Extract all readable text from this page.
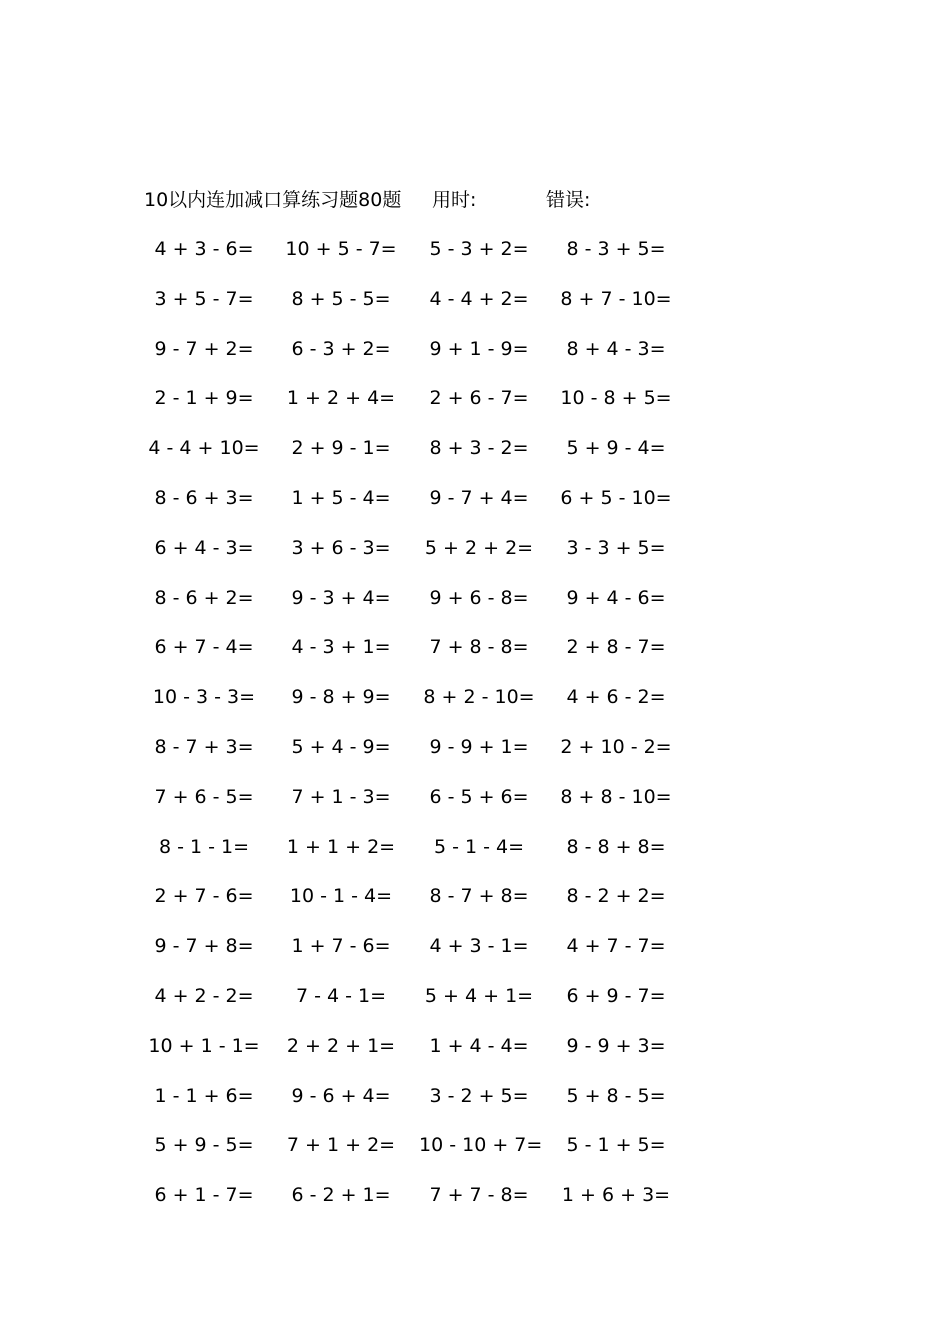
10以内连加减口算练习题80题 用时:	错误:
4 + 3 - 6=	10 + 5 - 7=	5 - 3 + 2=	8 - 3 + 5=
3 + 5 - 7=	8 + 5 - 5=	4 - 4 + 2=	8 + 7 - 10=
9 - 7 + 2=	6 - 3 + 2=	9 + 1 - 9=	8 + 4 - 3=
2 - 1 + 9=	1 + 2 + 4=	2 + 6 - 7=	10 - 8 + 5=
4 - 4 + 10=	2 + 9 - 1=	8 + 3 - 2=	5 + 9 - 4=
8 - 6 + 3=	1 + 5 - 4=	9 - 7 + 4=	6 + 5 - 10=
6 + 4 - 3=	3 + 6 - 3=	5 + 2 + 2=	3 - 3 + 5=
8 - 6 + 2=	9 - 3 + 4=	9 + 6 - 8=	9 + 4 - 6=
6 + 7 - 4=	4 - 3 + 1=	7 + 8 - 8=	2 + 8 - 7=
10 - 3 - 3=	9 - 8 + 9=	8 + 2 - 10=	4 + 6 - 2=
8 - 7 + 3=	5 + 4 - 9=	9 - 9 + 1=	2 + 10 - 2=
7 + 6 - 5=	7 + 1 - 3=	6 - 5 + 6=	8 + 8 - 10=
8 - 1 - 1=	1 + 1 + 2=	5 - 1 - 4=	8 - 8 + 8=
2 + 7 - 6=	10 - 1 - 4=	8 - 7 + 8=	8 - 2 + 2=
9 - 7 + 8=	1 + 7 - 6=	4 + 3 - 1=	4 + 7 - 7=
4 + 2 - 2=	7 - 4 - 1=	5 + 4 + 1=	6 + 9 - 7=
10 + 1 - 1=	2 + 2 + 1=	1 + 4 - 4=	9 - 9 + 3=
1 - 1 + 6=	9 - 6 + 4=	3 - 2 + 5=	5 + 8 - 5=
5 + 9 - 5=	7 + 1 + 2=	10 - 10 + 7=	5 - 1 + 5=
6 + 1 - 7=	6 - 2 + 1=	7 + 7 - 8=	1 + 6 + 3=
